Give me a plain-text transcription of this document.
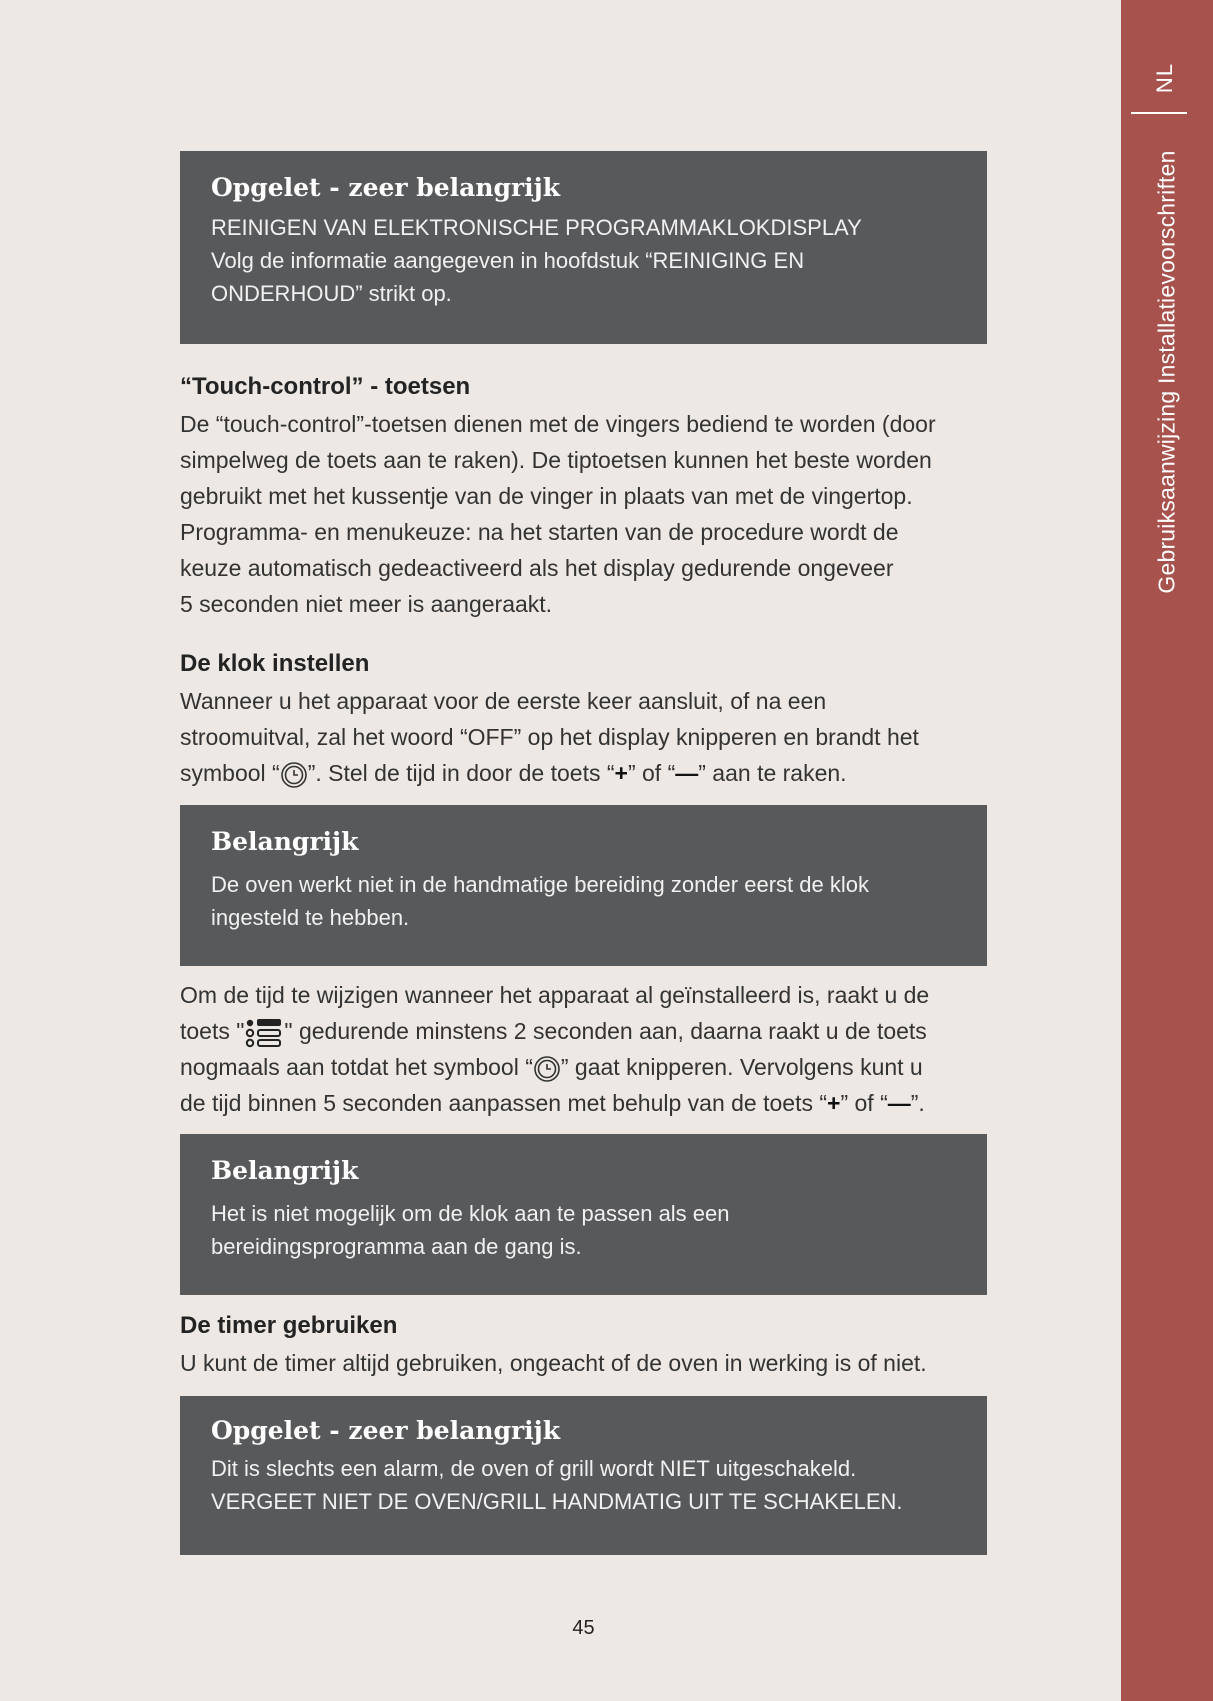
NL
Gebruiksaanwijzing Installatievoorschriften
Opgelet - zeer belangrijk

REINIGEN VAN ELEKTRONISCHE PROGRAMMAKLOKDISPLAY
Volg de informatie aangegeven in hoofdstuk “REINIGING EN
ONDERHOUD” strikt op.

“Touch-control” - toetsen

De “touch-control”-toetsen dienen met de vingers bediend te worden (door
simpelweg de toets aan te raken). De tiptoetsen kunnen het beste worden
gebruikt met het kussentje van de vinger in plaats van met de vingertop.
Programma- en menukeuze: na het starten van de procedure wordt de
keuze automatisch gedeactiveerd als het display gedurende ongeveer
5 seconden niet meer is aangeraakt.

De klok instellen

Wanneer u het apparaat voor de eerste keer aansluit, of na een
stroomuitval, zal het woord “OFF” op het display knipperen en brandt het
symbool “ ”. Stel de tijd in door de toets “+” of “—” aan te raken.

Belangrijk

De oven werkt niet in de handmatige bereiding zonder eerst de klok
ingesteld te hebben.

Om de tijd te wijzigen wanneer het apparaat al geïnstalleerd is, raakt u de
toets " " gedurende minstens 2 seconden aan, daarna raakt u de toets
nogmaals aan totdat het symbool “ ” gaat knipperen. Vervolgens kunt u
de tijd binnen 5 seconden aanpassen met behulp van de toets “+” of “—”.

Belangrijk

Het is niet mogelijk om de klok aan te passen als een
bereidingsprogramma aan de gang is.

De timer gebruiken

U kunt de timer altijd gebruiken, ongeacht of de oven in werking is of niet.

Opgelet - zeer belangrijk

Dit is slechts een alarm, de oven of grill wordt NIET uitgeschakeld.
VERGEET NIET DE OVEN/GRILL HANDMATIG UIT TE SCHAKELEN.

45
